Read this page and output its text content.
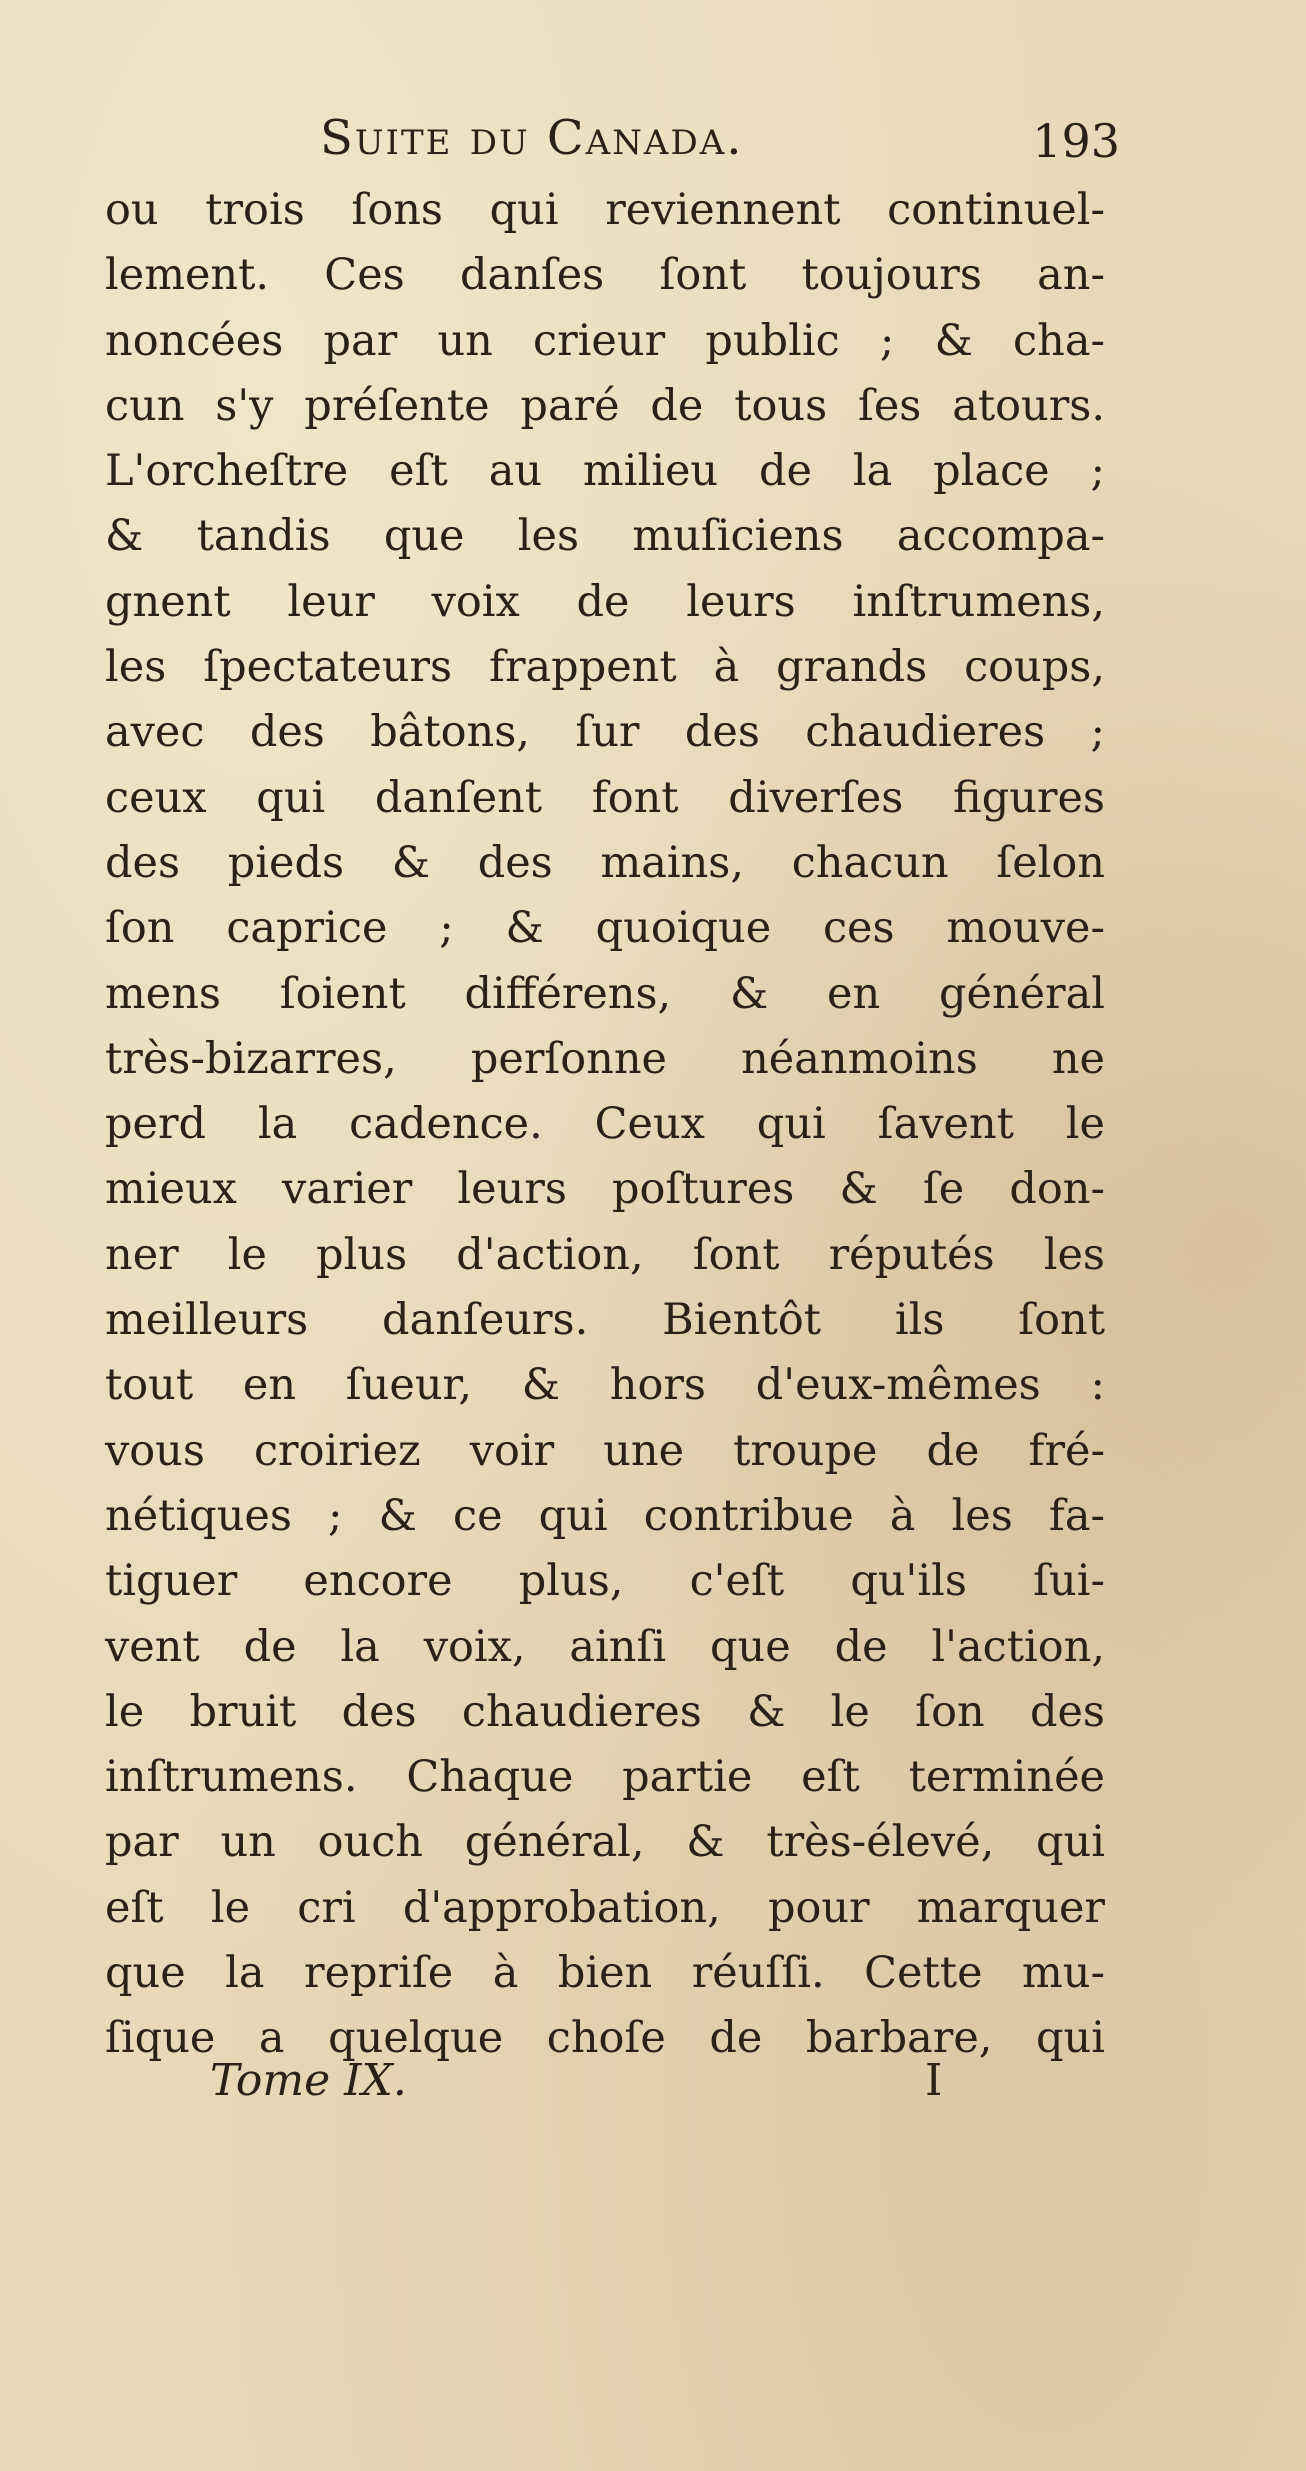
Suite du Canada.	193
ou trois ſons qui reviennent continuel-
lement. Ces danſes ſont toujours an-
noncées par un crieur public ; & cha-
cun s'y préſente paré de tous ſes atours.
L'orcheſtre eſt au milieu de la place ;
& tandis que les muſiciens accompa-
gnent leur voix de leurs inſtrumens,
les ſpectateurs frappent à grands coups,
avec des bâtons, ſur des chaudieres ;
ceux qui danſent font diverſes figures
des pieds & des mains, chacun ſelon
ſon caprice ; & quoique ces mouve-
mens ſoient différens, & en général
très-bizarres, perſonne néanmoins ne
perd la cadence. Ceux qui ſavent le
mieux varier leurs poſtures & ſe don-
ner le plus d'action, ſont réputés les
meilleurs danſeurs. Bientôt ils ſont
tout en ſueur, & hors d'eux-mêmes :
vous croiriez voir une troupe de fré-
nétiques ; & ce qui contribue à les fa-
tiguer encore plus, c'eſt qu'ils ſui-
vent de la voix, ainſi que de l'action,
le bruit des chaudieres & le ſon des
inſtrumens. Chaque partie eſt terminée
par un ouch général, & très-élevé, qui
eſt le cri d'approbation, pour marquer
que la repriſe à bien réuſſi. Cette mu-
ſique a quelque choſe de barbare, qui
Tome IX.	I
